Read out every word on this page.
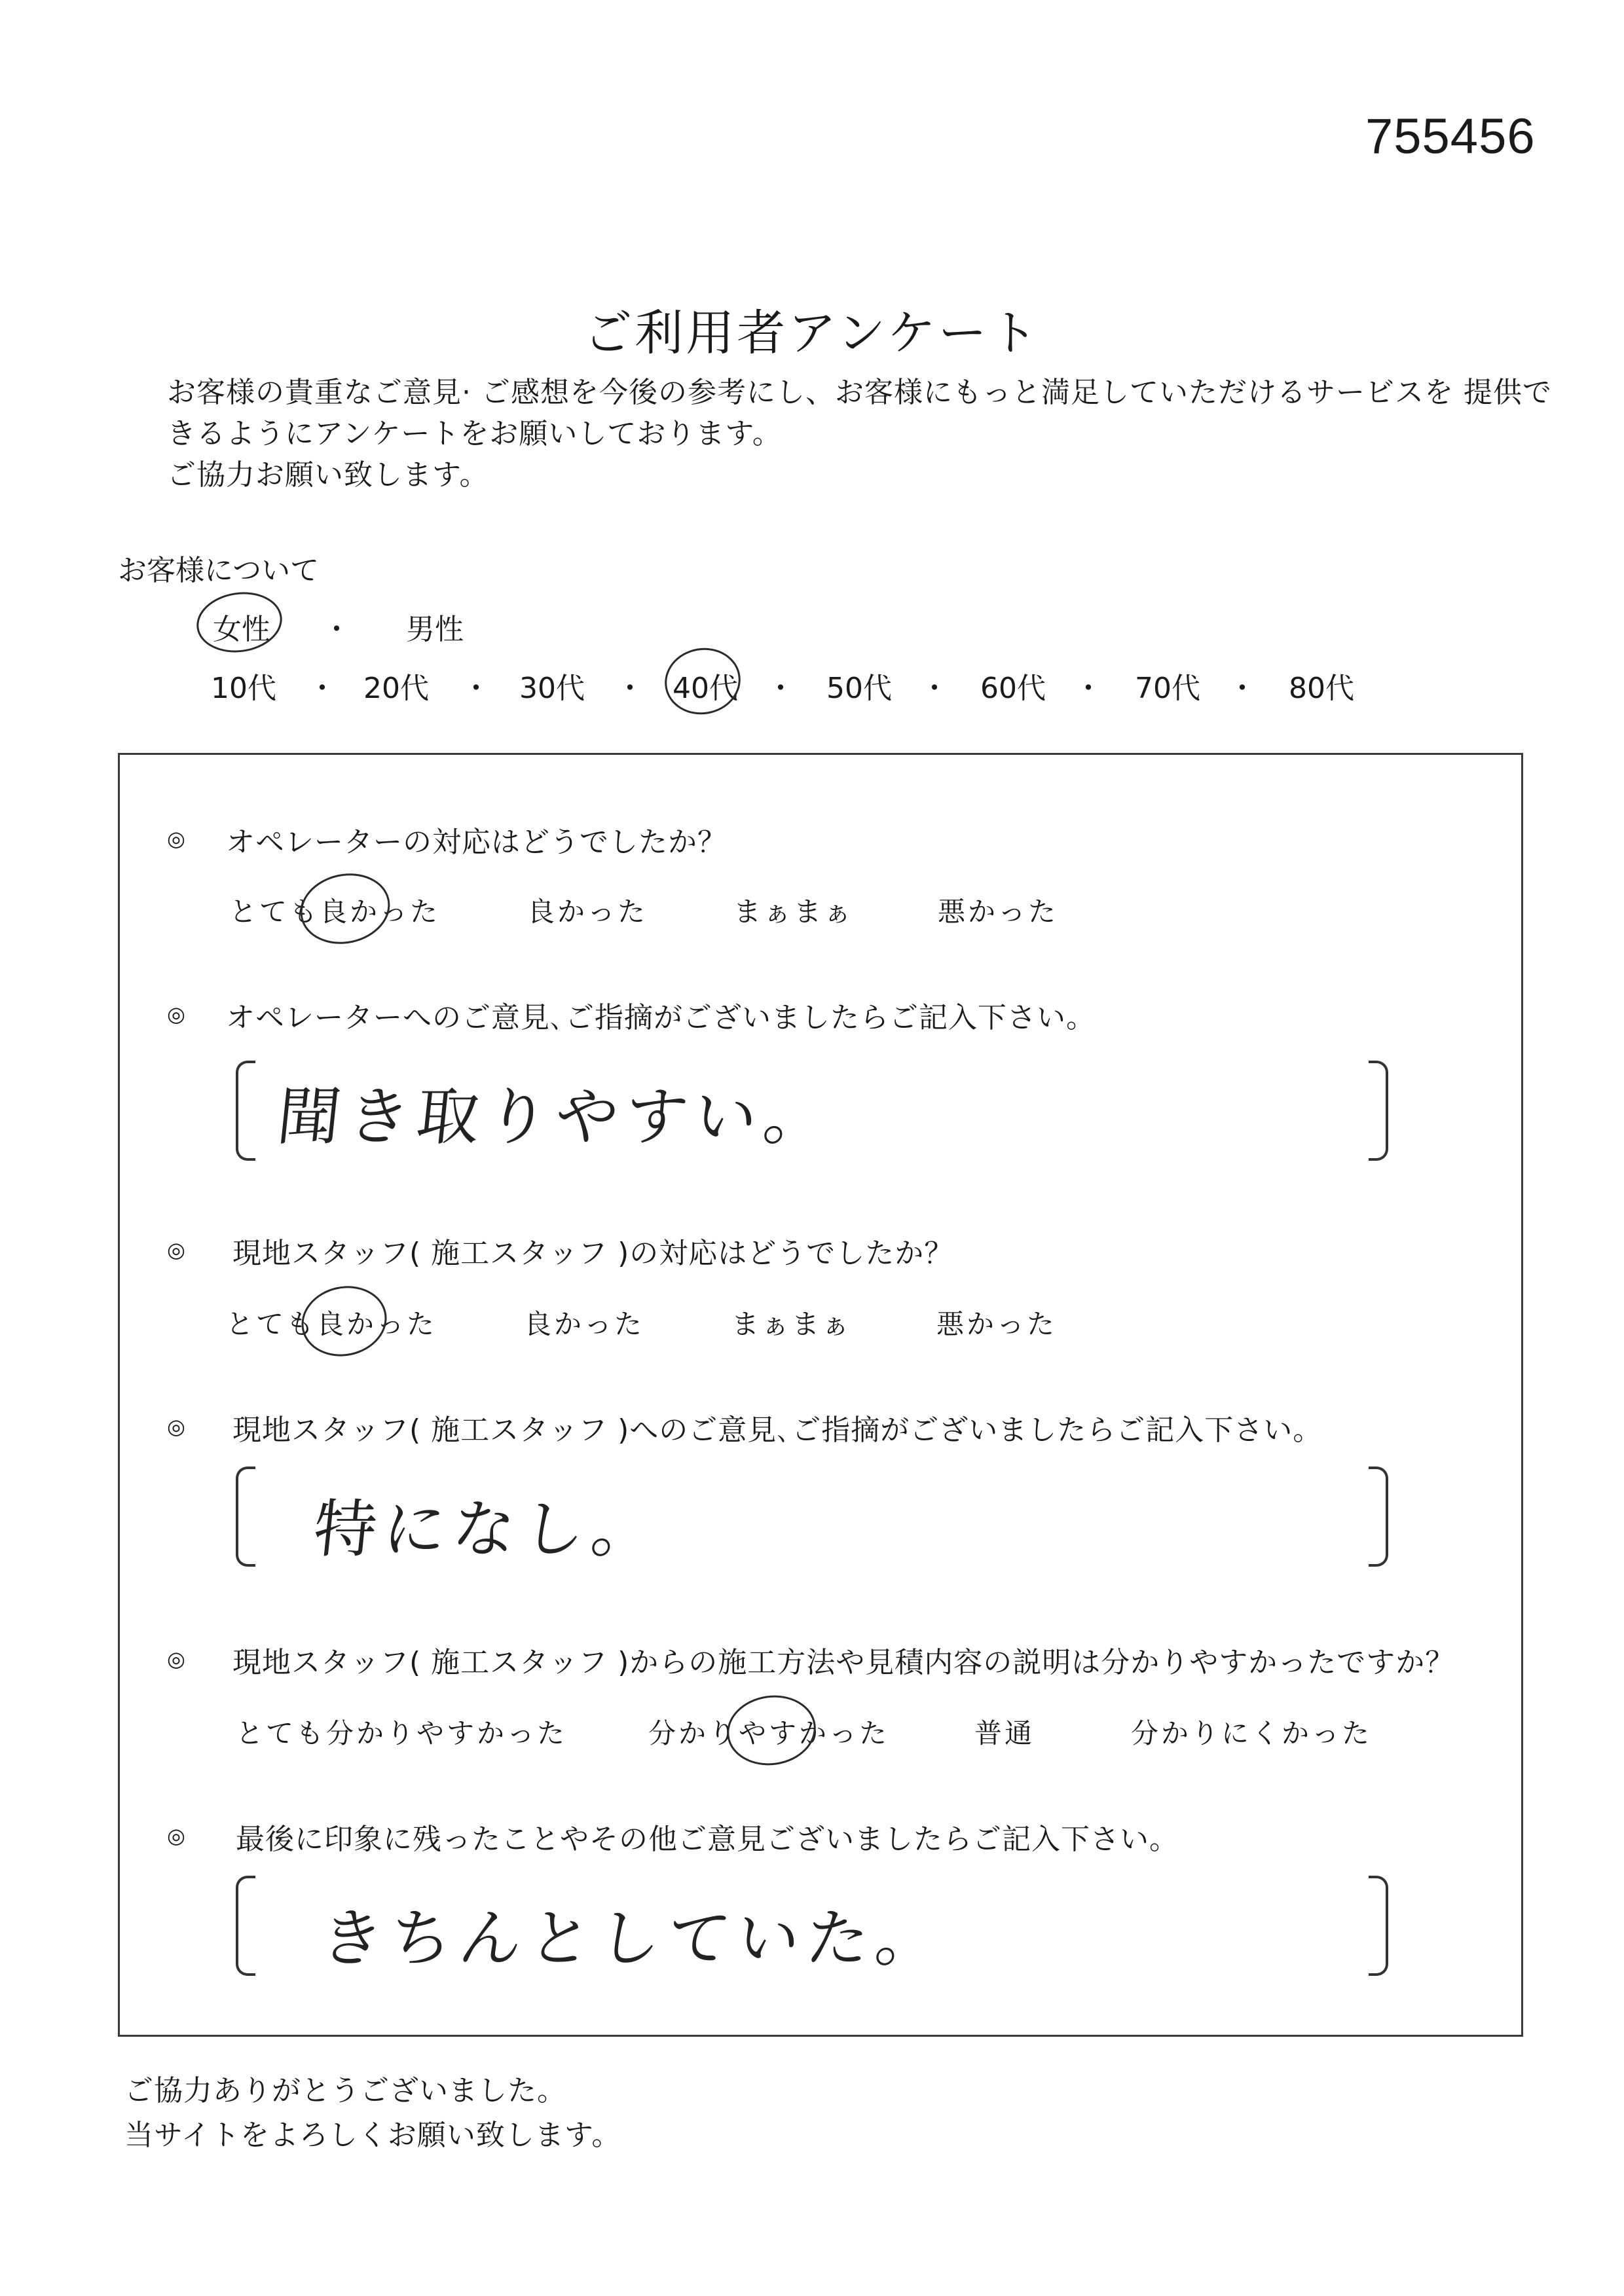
755456
ご利用者アンケート
お客様の貴重なご意見· ご感想を今後の参考にし、お客様にもっと満足していただけるサービスを 提供で
きるようにアンケートをお願いしております。
ご協力お願い致します。
お客様について
女性 ・ 男性
10代 ・ 20代 ・ 30代 ・ 40代 ・ 50代 ・ 60代 ・ 70代 ・ 80代
◎ オペレーターの対応はどうでしたか？
とても良かった	良かった	まぁまぁ	悪かった
◎ オペレーターへのご意見､ご指摘がございましたらご記入下さい。
聞き取りやすい。
◎ 現地スタッフ( 施工スタッフ )の対応はどうでしたか？
とても良かった	良かった	まぁまぁ	悪かった
◎ 現地スタッフ( 施工スタッフ )へのご意見､ご指摘がございましたらご記入下さい。
特になし。
◎ 現地スタッフ( 施工スタッフ )からの施工方法や見積内容の説明は分かりやすかったですか？
とても分かりやすかった	分かりやすかった	普通	分かりにくかった
◎ 最後に印象に残ったことやその他ご意見ございましたらご記入下さい。
きちんとしていた。
ご協力ありがとうございました。
当サイトをよろしくお願い致します。
